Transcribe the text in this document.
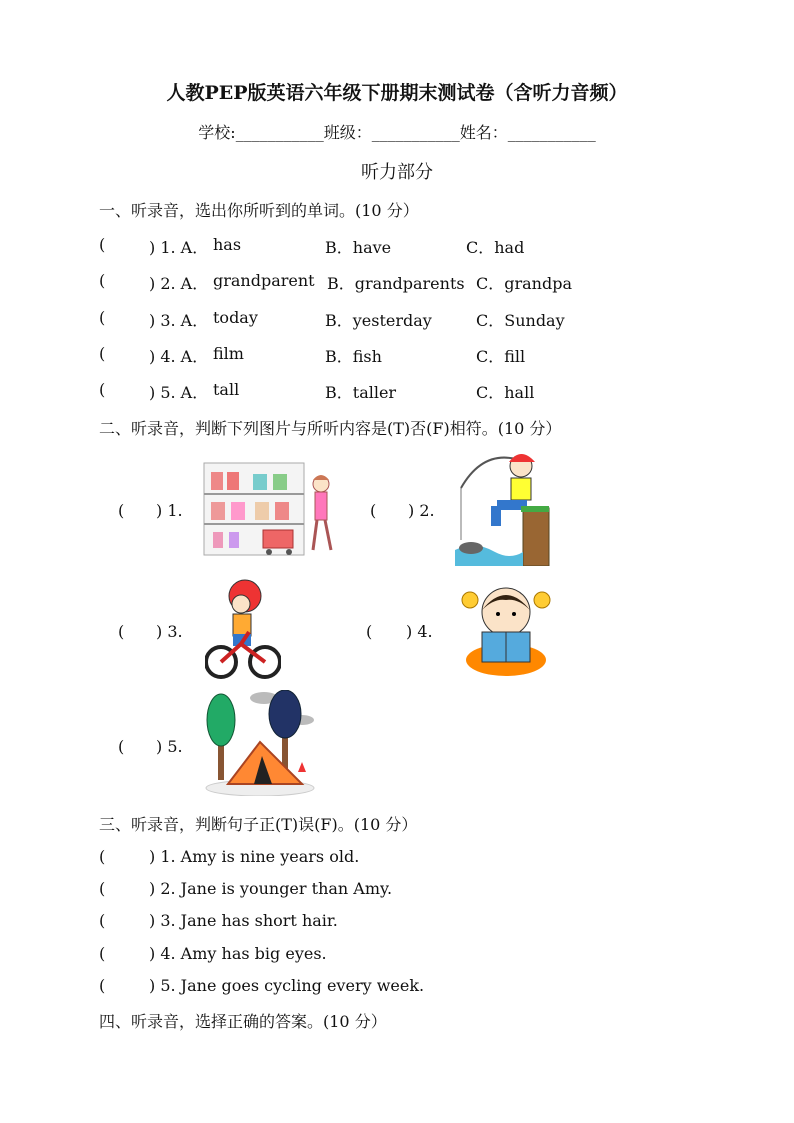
人教PEP版英语六年级下册期末测试卷（含听力音频）
学校:___________班级：___________姓名：___________
听力部分
一、听录音，选出你所听到的单词。(10 分）
(	) 1. A． has	B．have	C．had
(	) 2. A． grandparent B．grandparents C．grandpa
(	) 3. A． today	B．yesterday	C．Sunday
(	) 4. A． film	B．fish	C．fill
(	) 5. A． tall	B．taller	C．hall
二、听录音，判断下列图片与所听内容是(T)否(F)相符。(10 分）
( ) 1.	( ) 2.
( ) 3.	( ) 4.
( ) 5.
三、听录音，判断句子正(T)误(F)。(10 分）
(	) 1. Amy is nine years old.
(	) 2. Jane is younger than Amy.
(	) 3. Jane has short hair.
(	) 4. Amy has big eyes.
(	) 5. Jane goes cycling every week.
四、听录音，选择正确的答案。(10 分）
